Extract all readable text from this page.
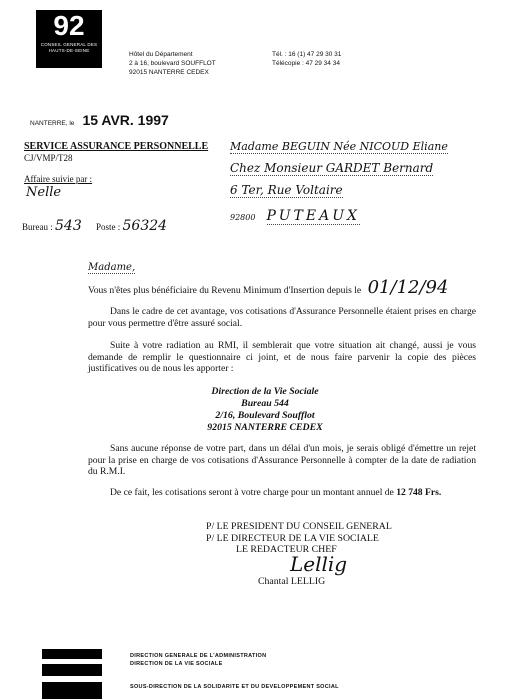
92
CONSEIL GENERAL DES
HAUTS-DE-SEINE
Hôtel du Département
2 à 16, boulevard SOUFFLOT
92015 NANTERRE CEDEX
Tél. : 16 (1) 47 29 30 31
Télécopie : 47 29 34 34
NANTERRE, le 15 AVR. 1997
SERVICE ASSURANCE PERSONNELLE
CJ/VMP/T28
Affaire suivie par :
Nelle
Bureau : 543 Poste : 56324
Madame BEGUIN Née NICOUD Eliane
Chez Monsieur GARDET Bernard
6 Ter, Rue Voltaire
92800 PUTEAUX
Madame,
Vous n'êtes plus bénéficiaire du Revenu Minimum d'Insertion depuis le 01/12/94
Dans le cadre de cet avantage, vos cotisations d'Assurance Personnelle étaient prises en charge pour vous permettre d'être assuré social.
Suite à votre radiation au RMI, il semblerait que votre situation ait changé, aussi je vous demande de remplir le questionnaire ci joint, et de nous faire parvenir la copie des pièces justificatives ou de nous les apporter :
Direction de la Vie Sociale
Bureau 544
2/16, Boulevard Soufflot
92015 NANTERRE CEDEX
Sans aucune réponse de votre part, dans un délai d'un mois, je serais obligé d'émettre un rejet pour la prise en charge de vos cotisations d'Assurance Personnelle à compter de la date de radiation du R.M.I.
De ce fait, les cotisations seront à votre charge pour un montant annuel de 12 748 Frs.
P/ LE PRESIDENT DU CONSEIL GENERAL
P/ LE DIRECTEUR DE LA VIE SOCIALE
LE REDACTEUR CHEF
Lellig
Chantal LELLIG
DIRECTION GENERALE DE L'ADMINISTRATION
DIRECTION DE LA VIE SOCIALE
SOUS-DIRECTION DE LA SOLIDARITE ET DU DEVELOPPEMENT SOCIAL
